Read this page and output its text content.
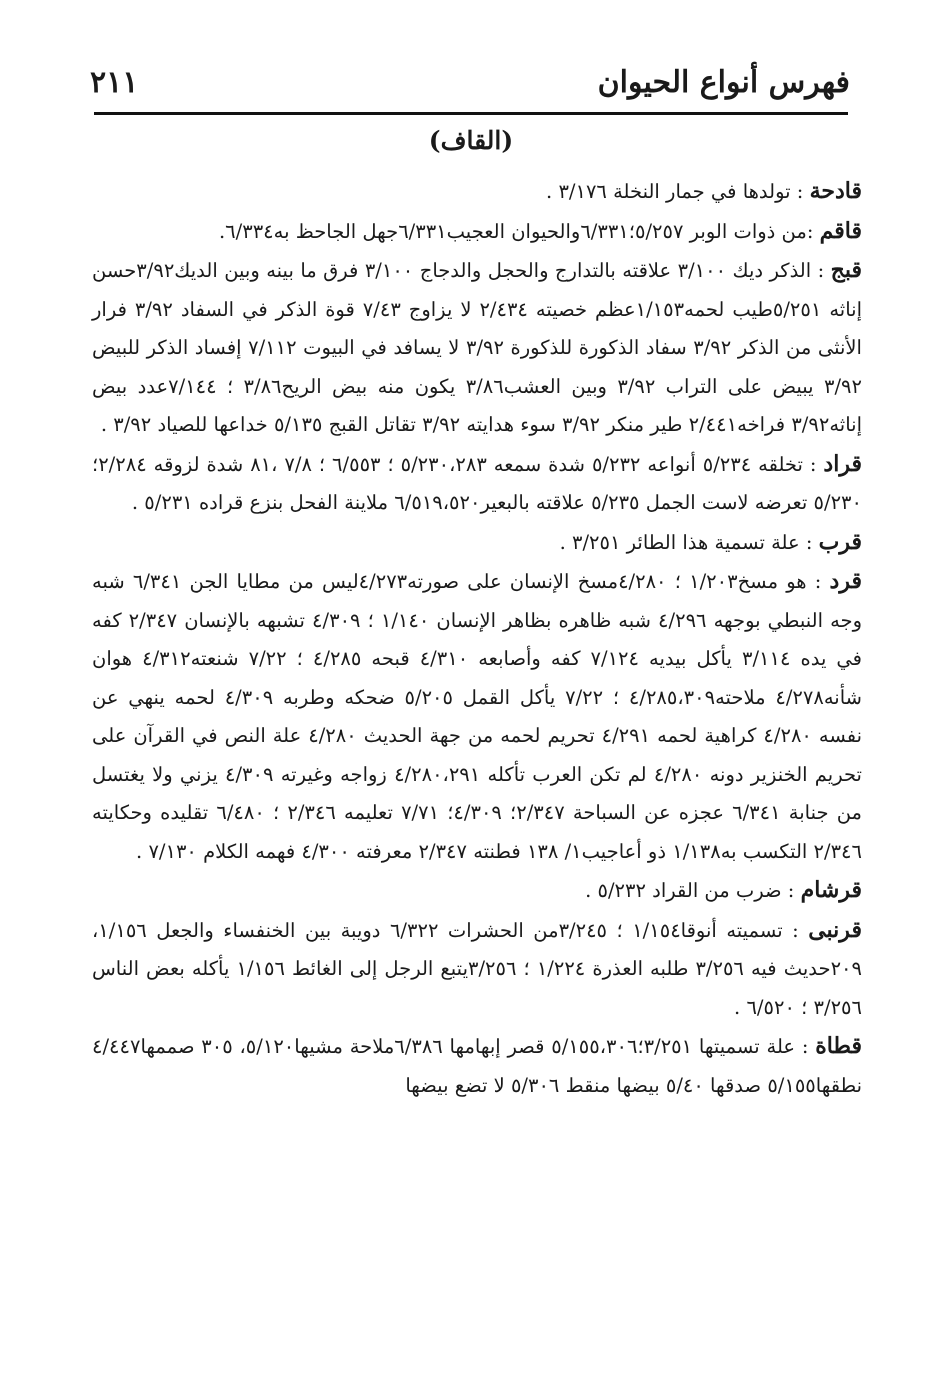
٢١١	فهرس أنواع الحيوان
(القاف)

قادحة : تولدها في جمار النخلة ٣/١٧٦ .

قاقم :من ذوات الوبر ٥/٢٥٧؛٦/٣٣١والحيوان العجيب٦/٣٣١جهل الجاحظ به٦/٣٣٤.

قبج : الذكر ديك ٣/١٠٠ علاقته بالتدارج والحجل والدجاج ٣/١٠٠ فرق ما بينه وبين الديك٣/٩٢حسن إناثه ٥/٢٥١طيب لحمه١/١٥٣عظم خصيته ٢/٤٣٤ لا يزاوج ٧/٤٣ قوة الذكر في السفاد ٣/٩٢ فرار الأنثى من الذكر ٣/٩٢ سفاد الذكورة للذكورة ٣/٩٢ لا يسافد في البيوت ٧/١١٢ إفساد الذكر للبيض ٣/٩٢ يبيض على التراب ٣/٩٢ وبين العشب٣/٨٦ يكون منه بيض الريح٣/٨٦ ؛ ٧/١٤٤عدد بيض إناثه٣/٩٢ فراخه٢/٤٤١ طير منكر ٣/٩٢ سوء هدايته ٣/٩٢ تقاتل القبج ٥/١٣٥ خداعها للصياد ٣/٩٢ .

قراد : تخلقه ٥/٢٣٤ أنواعه ٥/٢٣٢ شدة سمعه ٥/٢٣٠،٢٨٣ ؛ ٦/٥٥٣ ؛ ٧/٨ ،٨١ شدة لزوقه ٢/٢٨٤؛ ٥/٢٣٠ تعرضه لاست الجمل ٥/٢٣٥ علاقته بالبعير٦/٥١٩،٥٢٠ ملاينة الفحل بنزع قراده ٥/٢٣١ .

قرب : علة تسمية هذا الطائر ٣/٢٥١ .

قرد : هو مسخ١/٢٠٣ ؛ ٤/٢٨٠مسخ الإنسان على صورته٤/٢٧٣ليس من مطايا الجن ٦/٣٤١ شبه وجه النبطي بوجهه ٤/٢٩٦ شبه ظاهره بظاهر الإنسان ١/١٤٠ ؛ ٤/٣٠٩ تشبهه بالإنسان ٢/٣٤٧ كفه في يده ٣/١١٤ يأكل بيديه ٧/١٢٤ كفه وأصابعه ٤/٣١٠ قبحه ٤/٢٨٥ ؛ ٧/٢٢ شنعته٤/٣١٢ هوان شأنه٤/٢٧٨ ملاحته٤/٢٨٥،٣٠٩ ؛ ٧/٢٢ يأكل القمل ٥/٢٠٥ ضحكه وطربه ٤/٣٠٩ لحمه ينهي عن نفسه ٤/٢٨٠ كراهية لحمه ٤/٢٩١ تحريم لحمه من جهة الحديث ٤/٢٨٠ علة النص في القرآن على تحريم الخنزير دونه ٤/٢٨٠ لم تكن العرب تأكله ٤/٢٨٠،٢٩١ زواجه وغيرته ٤/٣٠٩ يزني ولا يغتسل من جنابة ٦/٣٤١ عجزه عن السباحة ٢/٣٤٧؛ ٤/٣٠٩؛ ٧/٧١ تعليمه ٢/٣٤٦ ؛ ٦/٤٨٠ تقليده وحكايته ٢/٣٤٦ التكسب به١/١٣٨ ذو أعاجيب١/ ١٣٨ فطنته ٢/٣٤٧ معرفته ٤/٣٠٠ فهمه الكلام ٧/١٣٠ .

قرشام : ضرب من القراد ٥/٢٣٢ .

قرنبى : تسميته أنوقا١/١٥٤ ؛ ٣/٢٤٥من الحشرات ٦/٣٢٢ دويبة بين الخنفساء والجعل ١/١٥٦، ٢٠٩حديث فيه ٣/٢٥٦ طلبه العذرة ١/٢٢٤ ؛ ٣/٢٥٦يتبع الرجل إلى الغائط ١/١٥٦ يأكله بعض الناس ٣/٢٥٦ ؛ ٦/٥٢٠ .

قطاة : علة تسميتها ٣/٢٥١؛٥/١٥٥،٣٠٦ قصر إبهامها ٦/٣٨٦ملاحة مشيها٥/١٢٠، ٣٠٥ صممها٤/٤٤٧ نطقها٥/١٥٥ صدقها ٥/٤٠ بيضها منقط ٥/٣٠٦ لا تضع بيضها
